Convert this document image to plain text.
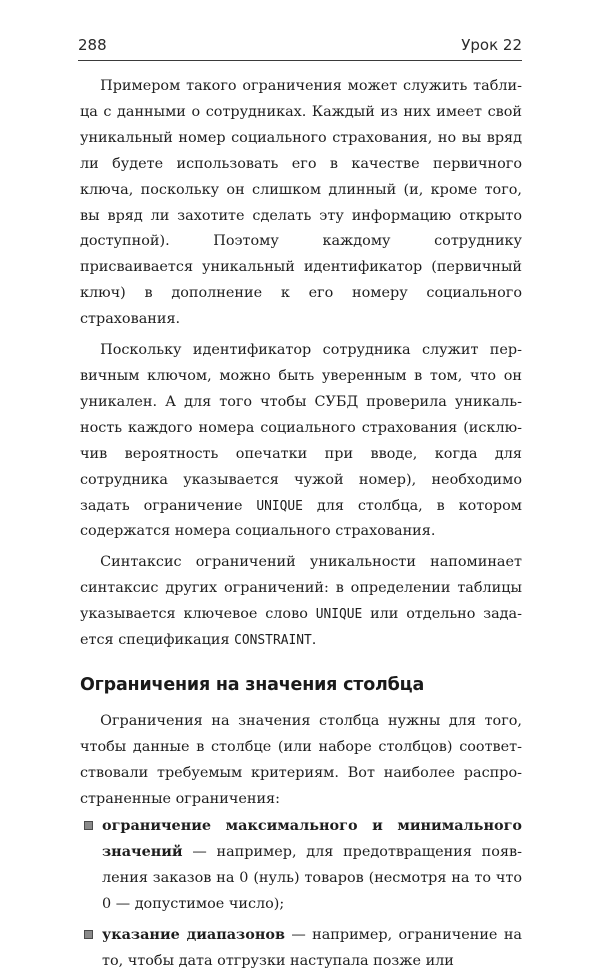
288	Урок 22

Примером такого ограничения может служить таблица с данными о сотрудниках. Каждый из них имеет свой уникальный номер социального страхования, но вы вряд ли будете использовать его в качестве первичного ключа, поскольку он слишком длинный (и, кроме того, вы вряд ли захотите сделать эту информацию открыто доступной). Поэтому каждому сотруднику присваивается уникальный идентификатор (первичный ключ) в дополнение к его номеру социального страхования.

Поскольку идентификатор сотрудника служит первичным ключом, можно быть уверенным в том, что он уникален. А для того чтобы СУБД проверила уникальность каждого номера социального страхования (исключив вероятность опечатки при вводе, когда для сотрудника указывается чужой номер), необходимо задать ограничение UNIQUE для столбца, в котором содержатся номера социального страхования.

Синтаксис ограничений уникальности напоминает синтаксис других ограничений: в определении таблицы указывается ключевое слово UNIQUE или отдельно задается спецификация CONSTRAINT.

Ограничения на значения столбца

Ограничения на значения столбца нужны для того, чтобы данные в столбце (или наборе столбцов) соответствовали требуемым критериям. Вот наиболее распространенные ограничения:

ограничение максимального и минимального значений — например, для предотвращения появления заказов на 0 (нуль) товаров (несмотря на то что 0 — допустимое число);
указание диапазонов — например, ограничение на то, чтобы дата отгрузки наступала позже или
